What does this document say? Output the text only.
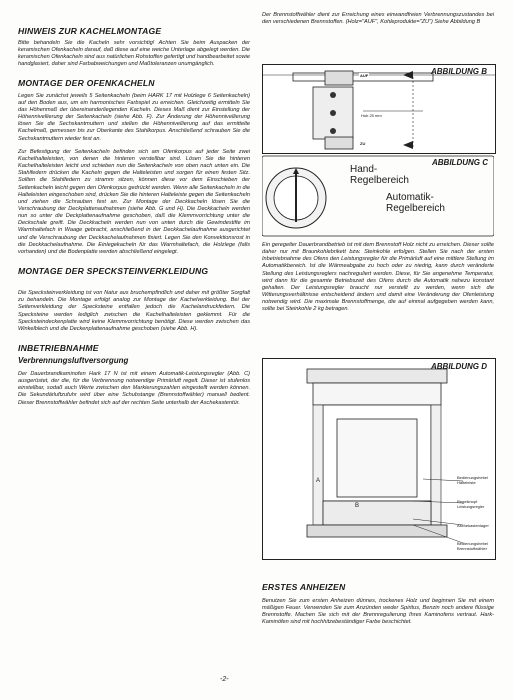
HINWEIS ZUR KACHELMONTAGE

Bitte behandeln Sie die Kacheln sehr vorsichtig! Achten Sie beim Auspacken der keramischen Ofenkacheln darauf, daß diese auf eine weiche Unterlage abgelegt werden. Die keramischen Ofenkacheln sind aus natürlichen Rohstoffen gefertigt und handbearbeitet sowie handglasiert, daher sind Farbabweichungen und Maßtoleranzen unumgänglich.

MONTAGE DER OFENKACHELN

Legen Sie zunächst jeweils 5 Seitenkacheln (beim HARK 17 mit Holzlege 6 Seitenkacheln) auf den Boden aus, um ein harmonisches Farbspiel zu erreichen. Gleichzeitig ermitteln Sie das Höhenmaß der übereinanderliegenden Kacheln. Dieses Maß dient zur Einstellung der Höhennivellierung der Seitenkacheln (siehe Abb. F). Zur Änderung der Höhennivellierung lösen Sie die Sechskantmuttern und stellen die Höhennivellierung auf das ermittelte Kachelmaß, gemessen bis zur Oberkante des Stahlkorpus. Anschließend schrauben Sie die Sechskantmuttern wieder fest an.

Zur Befestigung der Seitenkacheln befinden sich am Ofenkorpus auf jeder Seite zwei Kachelhalteleisten, von denen die hinteren verstellbar sind. Lösen Sie die hinteren Kachelhalteleisten leicht und schieben nun die Seitenkacheln von oben nach unten ein. Die Stahlfedern drücken die Kacheln gegen die Halteleisten und sorgen für einen festen Sitz. Sollten die Stahlfedern zu stramm sitzen, können diese vor dem Einschieben der Seitenkacheln leicht gegen den Ofenkorpus gedrückt werden. Wenn alle Seitenkacheln in die Halteleisten eingeschoben sind, drücken Sie die hinteren Halteleiste gegen die Seitenkacheln und ziehen die Schrauben fest an. Zur Montage der Deckkacheln lösen Sie die Verschraubung der Deckplattenaufnahmen (siehe Abb. G und H). Die Deckkacheln werden nun so unter die Deckplattenaufnahme geschoben, daß die Klemmvorrichtung unter die Deckschale greift. Die Deckkacheln werden nun von unten durch die Gewindestifte im Warmhaltefach in Waage gebracht, anschließend in der Deckkachelaufnahme ausgerichtet und die Verschraubung der Deckkachelaufnahmen fixiert. Legen Sie den Konvektionsrost in die Deckkachelaufnahme. Die Einlegekacheln für das Warmhaltefach, die Holzlege (falls vorhanden) und die Bodenplatte werden abschließend eingelegt.

MONTAGE DER SPECKSTEINVERKLEIDUNG

Die Specksteinverkleidung ist von Natur aus bruchempfindlich und daher mit größter Sorgfalt zu behandeln. Die Montage erfolgt analog zur Montage der Kachelverkleidung. Bei der Seitenverkleidung der Specksteine entfallen jedoch die Kachelandruckfedern. Die Specksteine werden lediglich zwischen die Kachelhalteleisten geklemmt. Für die Specksteindeckenplatte wird keine Klemmvorrichtung benötigt. Diese werden zwischen das Winkelblech und die Deckenplattenaufnahme geschoben (siehe Abb. H).

INBETRIEBNAHME
Verbrennungsluftversorgung

Der Dauerbrandkaminofen Hark 17 N ist mit einem Automatik-Leistungsregler (Abb. C) ausgerüstet, der die, für die Verbrennung notwendige Primärluft regelt. Dieser ist stufenlos einstellbar, sodaß auch Werte zwischen den Markierungszahlen eingestellt werden können. Die Sekundärluftzufuhr wird über eine Schubstange (Brennstoffwähler) manuell bedient. Dieser Brennstoffwähler befindet sich auf der rechten Seite unterhalb der Aschekastentür.

Der Brennstoffwähler dient zur Erreichung eines einwandfreien Verbrennungszustandes bei den verschiedenen Brennstoffen. (Holz="AUF", Kohleprodukte="ZU") Siehe Abbildung B

ABBILDUNG B
AUF
Hub 25 mm
ZU
ABBILDUNG C
Hand-
Regelbereich
Automatik-
Regelbereich

Ein geregelter Dauerbrandbetrieb ist mit dem Brennstoff Holz nicht zu erreichen. Dieser sollte daher nur mit Braunkohlebrikett bzw. Steinkohle erfolgen. Stellen Sie nach der ersten Inbetriebnahme des Ofens den Leistungsregler für die Primärluft auf eine mittlere Stellung im Automatikbereich. Ist die Wärmeabgabe zu hoch oder zu niedrig, kann durch veränderte Stellung des Leistungsreglers nachreguliert werden. Diese, für Sie angenehme Temperatur, wird dann für die gesamte Betriebszeit des Ofens durch die Automatik nahezu konstant gehalten. Der Leistungsregler braucht nur verstellt zu werden, wenn sich die Witterungsverhältnisse entscheidend ändern und damit eine Veränderung der Ofenleistung notwendig wird. Die maximale Brennstoffmenge, die auf einmal aufgegeben werden kann, sollte bei Steinkohle 2 kg betragen.

ABBILDUNG D
A
B
Bedienungshebel Halteleiste
Regelknopf Leistungsregler
Aschekastenlager
Bedienungshebel Brennstoffwähler
ERSTES ANHEIZEN

Benutzen Sie zum ersten Anheizen dünnes, trockenes Holz und beginnen Sie mit einem mäßigen Feuer. Verwenden Sie zum Anzünden weder Spiritus, Benzin noch andere flüssige Brennstoffe. Machen Sie sich mit der Brennregulierung Ihres Kaminofens vertraut. Hark-Kaminöfen sind mit hochhitzebeständiger Farbe beschichtet.

-2-
